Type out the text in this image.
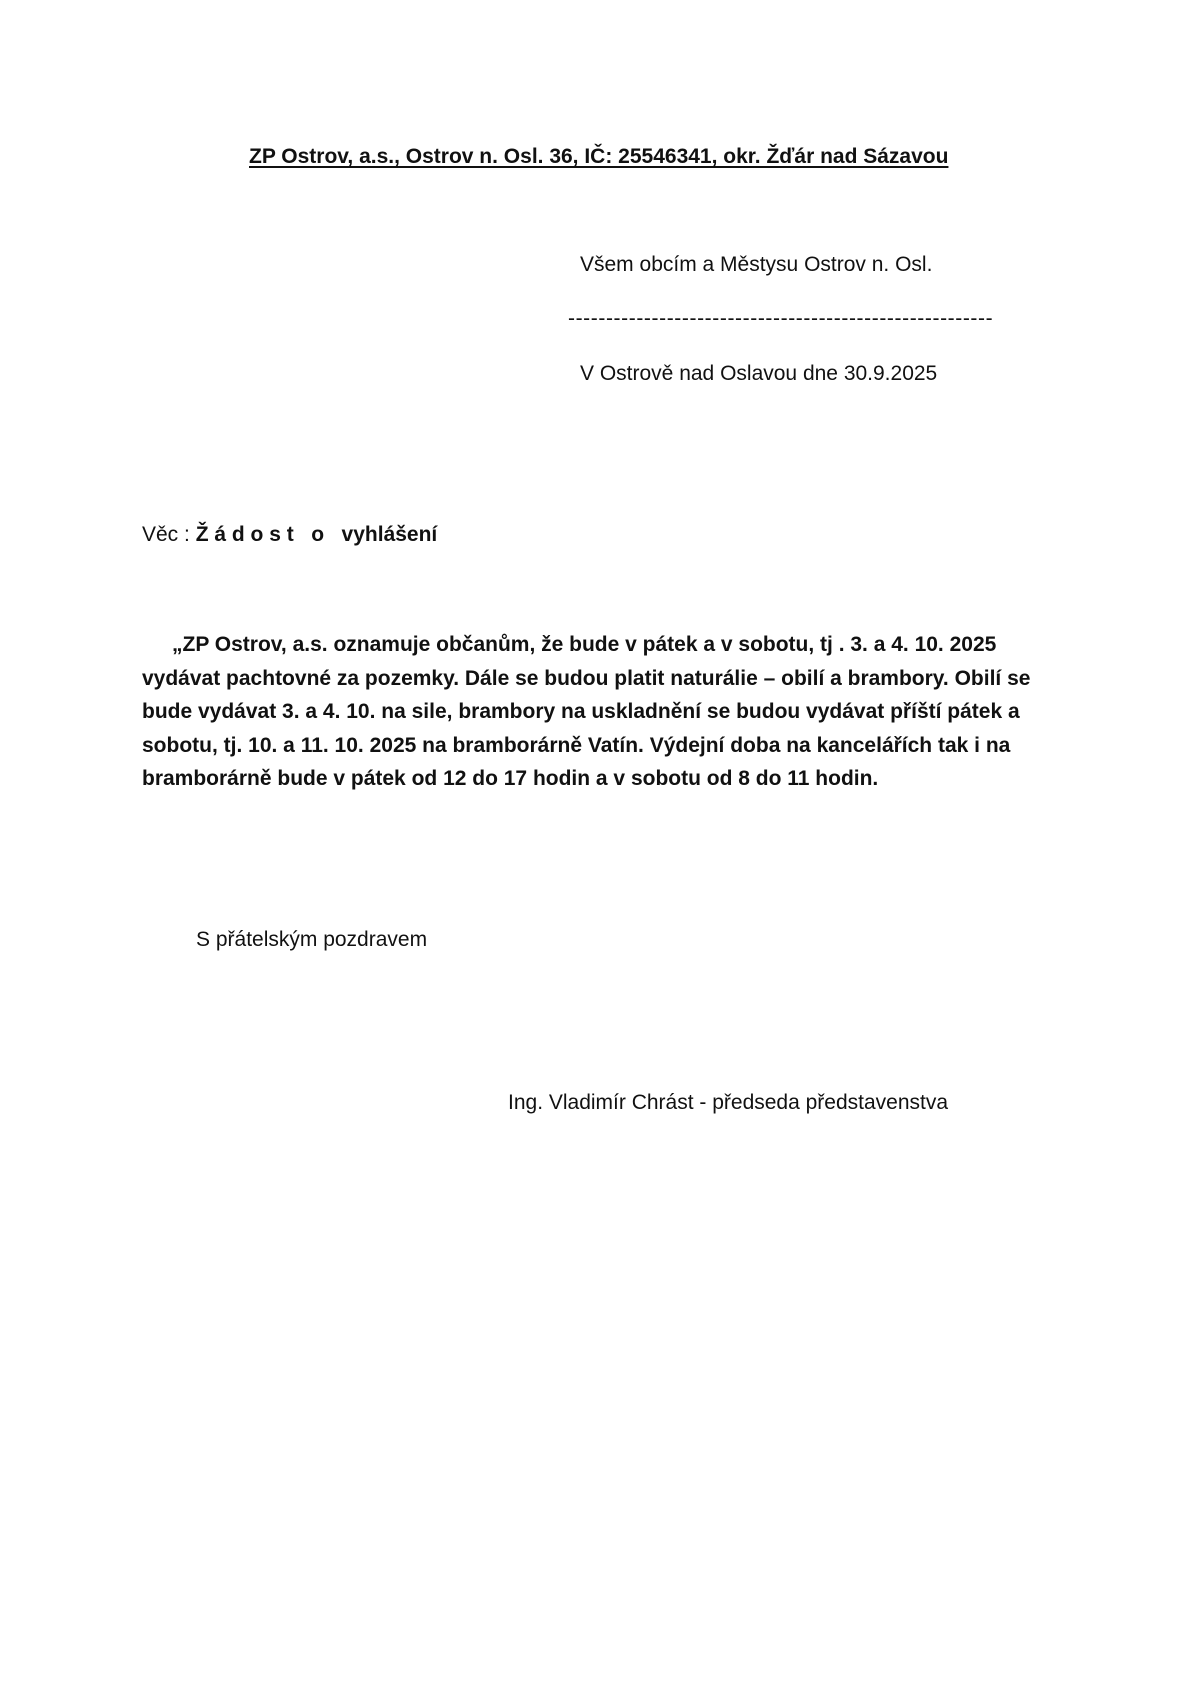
ZP Ostrov, a.s., Ostrov n. Osl. 36, IČ: 25546341, okr. Žďár nad Sázavou
Všem obcím a Městysu Ostrov n. Osl.
--------------------------------------------------------
V Ostrově nad Oslavou dne 30.9.2025
Věc : Ž á d o s t   o   vyhlášení
„ZP Ostrov, a.s. oznamuje občanům, že bude v pátek a v sobotu, tj . 3. a 4. 10. 2025
vydávat pachtovné za pozemky. Dále se budou platit naturálie – obilí a brambory. Obilí se
bude vydávat 3. a 4. 10. na sile, brambory na uskladnění se budou vydávat příští pátek a
sobotu, tj. 10. a 11. 10. 2025 na bramborárně Vatín. Výdejní doba na kancelářích tak i na
bramborárně bude v pátek od 12 do 17 hodin a v sobotu od 8 do 11 hodin.
S přátelským pozdravem
Ing. Vladimír Chrást - předseda představenstva
